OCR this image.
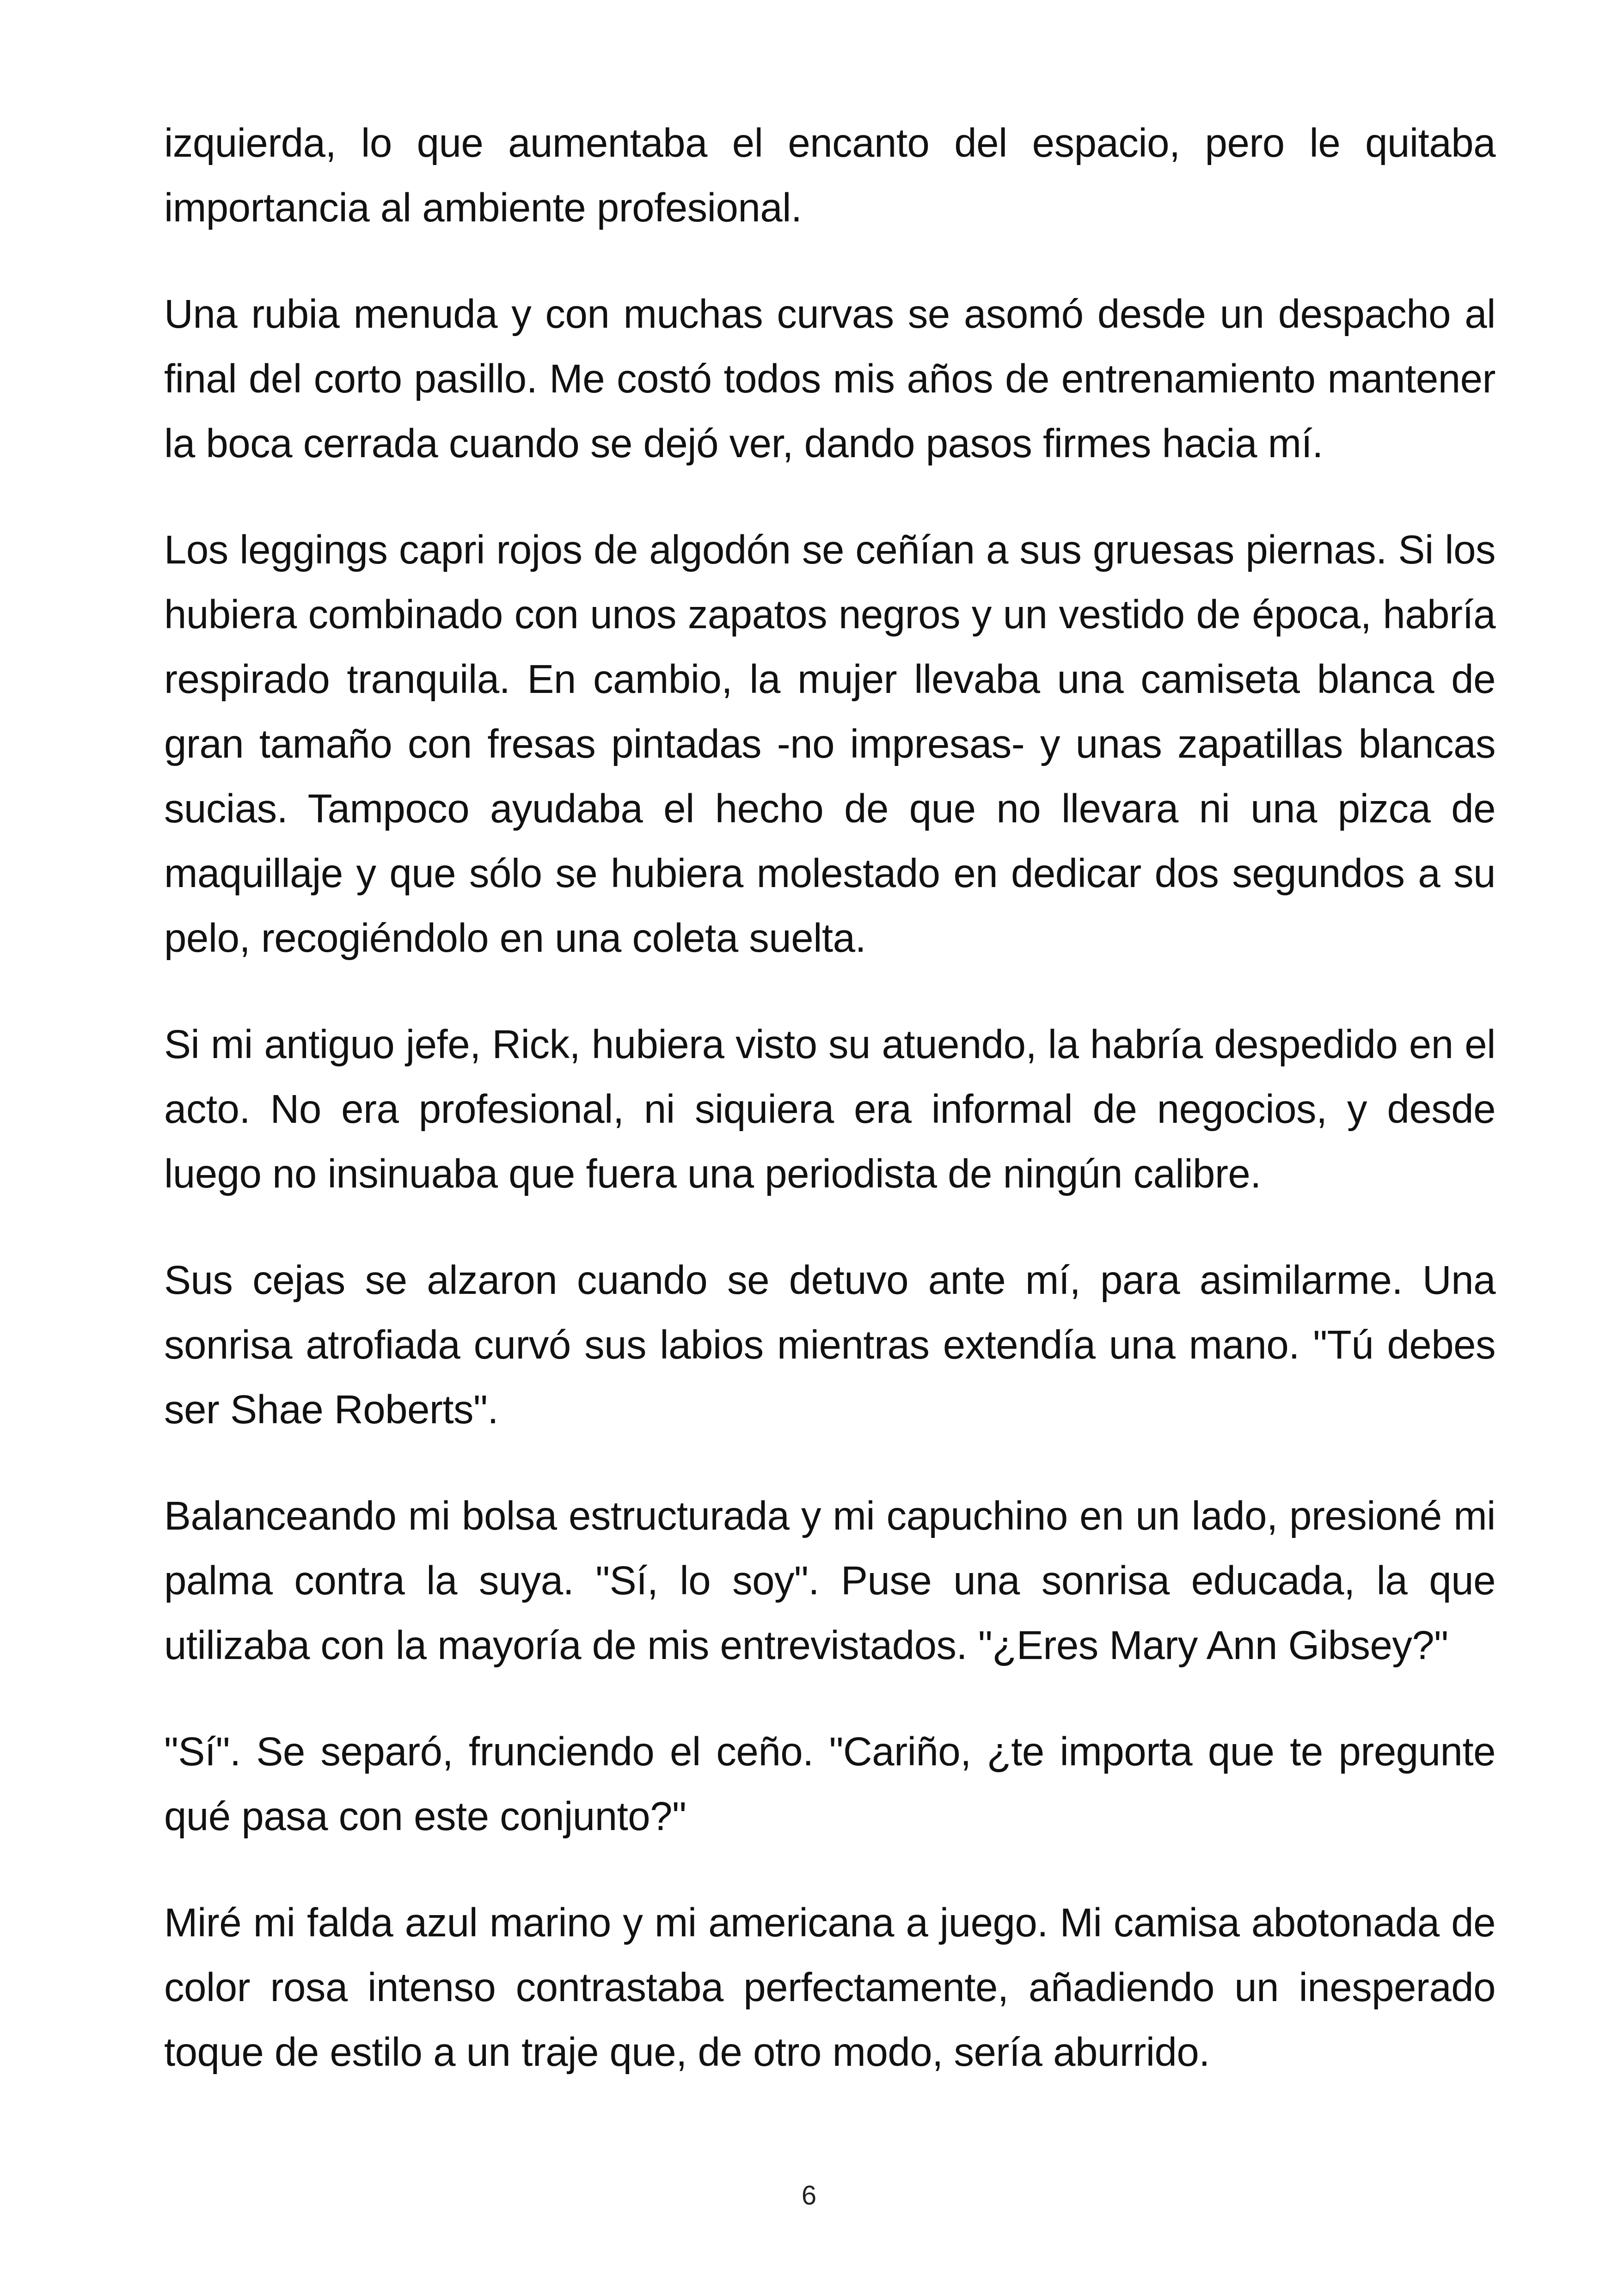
izquierda, lo que aumentaba el encanto del espacio, pero le quitaba importancia al ambiente profesional.

Una rubia menuda y con muchas curvas se asomó desde un despacho al final del corto pasillo. Me costó todos mis años de entrenamiento mantener la boca cerrada cuando se dejó ver, dando pasos firmes hacia mí.

Los leggings capri rojos de algodón se ceñían a sus gruesas piernas. Si los hubiera combinado con unos zapatos negros y un vestido de época, habría respirado tranquila. En cambio, la mujer llevaba una camiseta blanca de gran tamaño con fresas pintadas -no impresas- y unas zapatillas blancas sucias. Tampoco ayudaba el hecho de que no llevara ni una pizca de maquillaje y que sólo se hubiera molestado en dedicar dos segundos a su pelo, recogiéndolo en una coleta suelta.

Si mi antiguo jefe, Rick, hubiera visto su atuendo, la habría despedido en el acto. No era profesional, ni siquiera era informal de negocios, y desde luego no insinuaba que fuera una periodista de ningún calibre.

Sus cejas se alzaron cuando se detuvo ante mí, para asimilarme. Una sonrisa atrofiada curvó sus labios mientras extendía una mano. "Tú debes ser Shae Roberts".

Balanceando mi bolsa estructurada y mi capuchino en un lado, presioné mi palma contra la suya. "Sí, lo soy". Puse una sonrisa educada, la que utilizaba con la mayoría de mis entrevistados. "¿Eres Mary Ann Gibsey?"

"Sí". Se separó, frunciendo el ceño. "Cariño, ¿te importa que te pregunte qué pasa con este conjunto?"

Miré mi falda azul marino y mi americana a juego. Mi camisa abotonada de color rosa intenso contrastaba perfectamente, añadiendo un inesperado toque de estilo a un traje que, de otro modo, sería aburrido.

6
